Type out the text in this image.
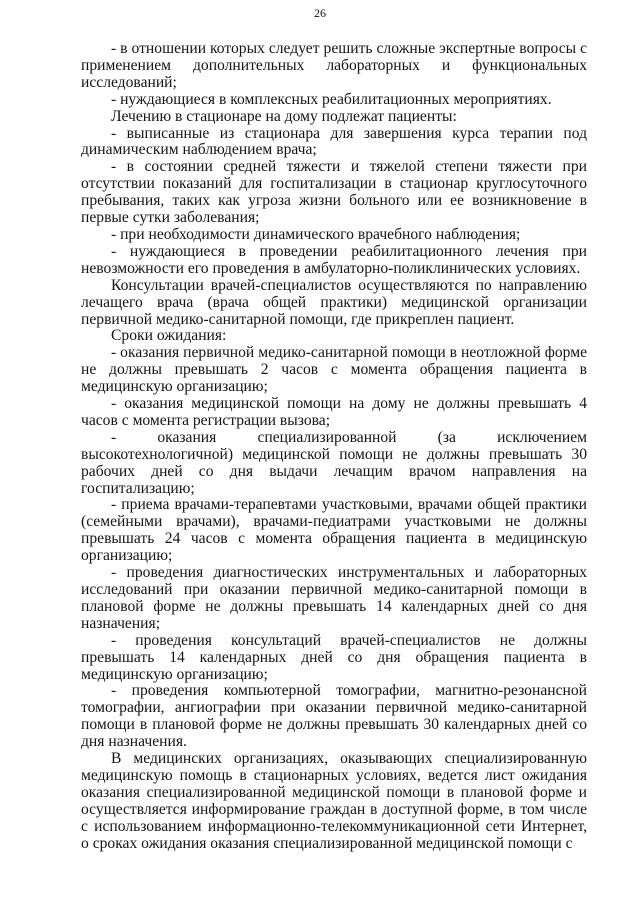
26

- в отношении которых следует решить сложные экспертные вопросы с применением дополнительных лабораторных и функциональных исследований;

- нуждающиеся в комплексных реабилитационных мероприятиях.

Лечению в стационаре на дому подлежат пациенты:

- выписанные из стационара для завершения курса терапии под динамическим наблюдением врача;

- в состоянии средней тяжести и тяжелой степени тяжести при отсутствии показаний для госпитализации в стационар круглосуточного пребывания, таких как угроза жизни больного или ее возникновение в первые сутки заболевания;

- при необходимости динамического врачебного наблюдения;

- нуждающиеся в проведении реабилитационного лечения при невозможности его проведения в амбулаторно-поликлинических условиях.

Консультации врачей-специалистов осуществляются по направлению лечащего врача (врача общей практики) медицинской организации первичной медико-санитарной помощи, где прикреплен пациент.

Сроки ожидания:

- оказания первичной медико-санитарной помощи в неотложной форме не должны превышать 2 часов с момента обращения пациента в медицинскую организацию;

- оказания медицинской помощи на дому не должны превышать 4 часов с момента регистрации вызова;

- оказания специализированной (за исключением высокотехнологичной) медицинской помощи не должны превышать 30 рабочих дней со дня выдачи лечащим врачом направления на госпитализацию;

- приема врачами-терапевтами участковыми, врачами общей практики (семейными врачами), врачами-педиатрами участковыми не должны превышать 24 часов с момента обращения пациента в медицинскую организацию;

- проведения диагностических инструментальных и лабораторных исследований при оказании первичной медико-санитарной помощи в плановой форме не должны превышать 14 календарных дней со дня назначения;

- проведения консультаций врачей-специалистов не должны превышать 14 календарных дней со дня обращения пациента в медицинскую организацию;

- проведения компьютерной томографии, магнитно-резонансной томографии, ангиографии при оказании первичной медико-санитарной помощи в плановой форме не должны превышать 30 календарных дней со дня назначения.

В медицинских организациях, оказывающих специализированную медицинскую помощь в стационарных условиях, ведется лист ожидания оказания специализированной медицинской помощи в плановой форме и осуществляется информирование граждан в доступной форме, в том числе с использованием информационно-телекоммуникационной сети Интернет, о сроках ожидания оказания специализированной медицинской помощи с
